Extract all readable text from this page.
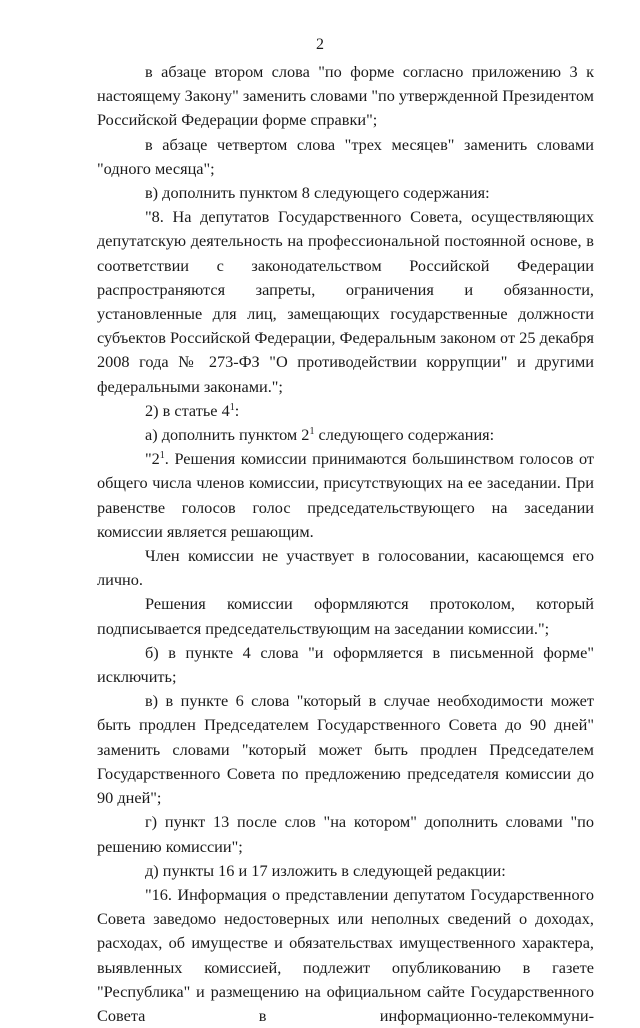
2

в абзаце втором слова "по форме согласно приложению 3 к настоящему Закону" заменить словами "по утвержденной Президентом Российской Федерации форме справки";

в абзаце четвертом слова "трех месяцев" заменить словами "одного месяца";

в) дополнить пунктом 8 следующего содержания:

"8. На депутатов Государственного Совета, осуществляющих депутатскую деятельность на профессиональной постоянной основе, в соответствии с законодательством Российской Федерации распространяются запреты, ограничения и обязанности, установленные для лиц, замещающих государственные должности субъектов Российской Федерации, Федеральным законом от 25 декабря 2008 года № 273-ФЗ "О противодействии коррупции" и другими федеральными законами.";

2) в статье $4^1$:

а) дополнить пунктом $2^1$ следующего содержания:

"$2^1$. Решения комиссии принимаются большинством голосов от общего числа членов комиссии, присутствующих на ее заседании. При равенстве голосов голос председательствующего на заседании комиссии является решающим.

Член комиссии не участвует в голосовании, касающемся его лично.

Решения комиссии оформляются протоколом, который подписывается председательствующим на заседании комиссии.";

б) в пункте 4 слова "и оформляется в письменной форме" исключить;

в) в пункте 6 слова "который в случае необходимости может быть продлен Председателем Государственного Совета до 90 дней" заменить словами "который может быть продлен Председателем Государственного Совета по предложению председателя комиссии до 90 дней";

г) пункт 13 после слов "на котором" дополнить словами "по решению комиссии";

д) пункты 16 и 17 изложить в следующей редакции:

"16. Информация о представлении депутатом Государственного Совета заведомо недостоверных или неполных сведений о доходах, расходах, об имуществе и обязательствах имущественного характера, выявленных комиссией, подлежит опубликованию в газете "Республика" и размещению на официальном сайте Государственного Совета в информационно-телекоммуни-
